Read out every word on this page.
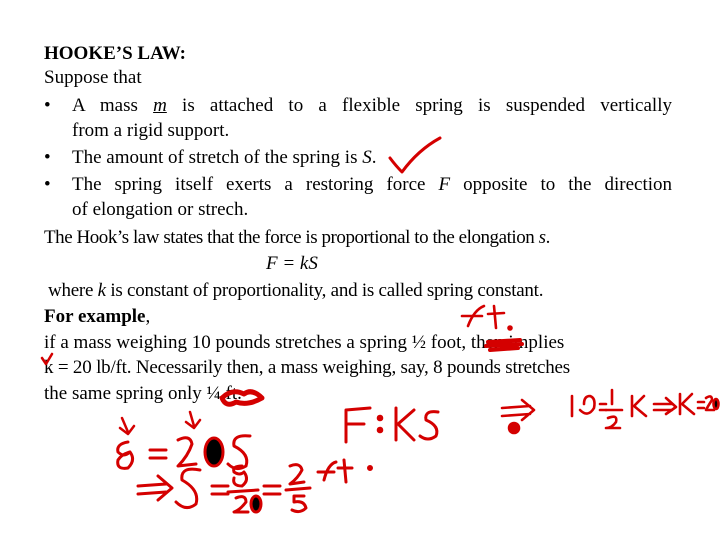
HOOKE’S LAW:
Suppose that
• A mass m is attached to a flexible spring is suspended vertically
from a rigid support.
• The amount of stretch of the spring is S.
• The spring itself exerts a restoring force F opposite to the direction
of elongation or strech.
The Hook’s law states that the force is proportional to the elongation s.
F = kS
where k is constant of proportionality, and is called spring constant.
For example,
if a mass weighing 10 pounds stretches a spring ½ foot, then implies
k = 20 lb/ft. Necessarily then, a mass weighing, say, 8 pounds stretches
the same spring only ¼ ft.
